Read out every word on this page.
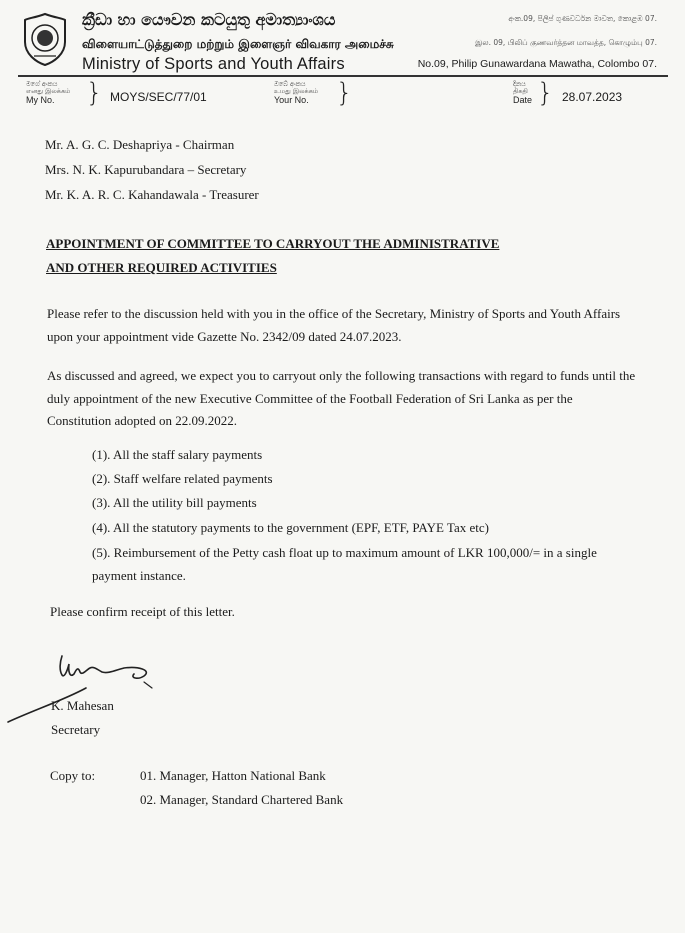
ක්‍රීඩා හා යෞවන කටයුතු අමාත්‍යාංශය
விளையாட்டுத்துறை மற்றும் இளைஞர் விவகார அமைச்சு
Ministry of Sports and Youth Affairs
අංක.09, පිලිප් ගුණවර්ධන මාවත, කොළඹ 07.
இல. 09, பிலிப் குணவர்த்தன மாவத்த, கொழும்பு 07.
No.09, Philip Gunawardana Mawatha, Colombo 07.
මගේ අංකය
எனது இலக்கம்
My No.	} MOYS/SEC/77/01
ඔබේ අංකය
உமது இலக்கம்
Your No.	}	දිනය
திகதி
Date } 28.07.2023
Mr. A. G. C. Deshapriya - Chairman
Mrs. N. K. Kapurubandara – Secretary
Mr. K. A. R. C. Kahandawala - Treasurer
APPOINTMENT OF COMMITTEE TO CARRYOUT THE ADMINISTRATIVE
AND OTHER REQUIRED ACTIVITIES
Please refer to the discussion held with you in the office of the Secretary, Ministry of Sports and Youth Affairs upon your appointment vide Gazette No. 2342/09 dated 24.07.2023.
As discussed and agreed, we expect you to carryout only the following transactions with regard to funds until the duly appointment of the new Executive Committee of the Football Federation of Sri Lanka as per the Constitution adopted on 22.09.2022.
(1). All the staff salary payments
(2). Staff welfare related payments
(3). All the utility bill payments
(4). All the statutory payments to the government (EPF, ETF, PAYE Tax etc)
(5). Reimbursement of the Petty cash float up to maximum amount of LKR 100,000/= in a single payment instance.
Please confirm receipt of this letter.
K. Mahesan
Secretary
Copy to:	01. Manager, Hatton National Bank
02. Manager, Standard Chartered Bank
